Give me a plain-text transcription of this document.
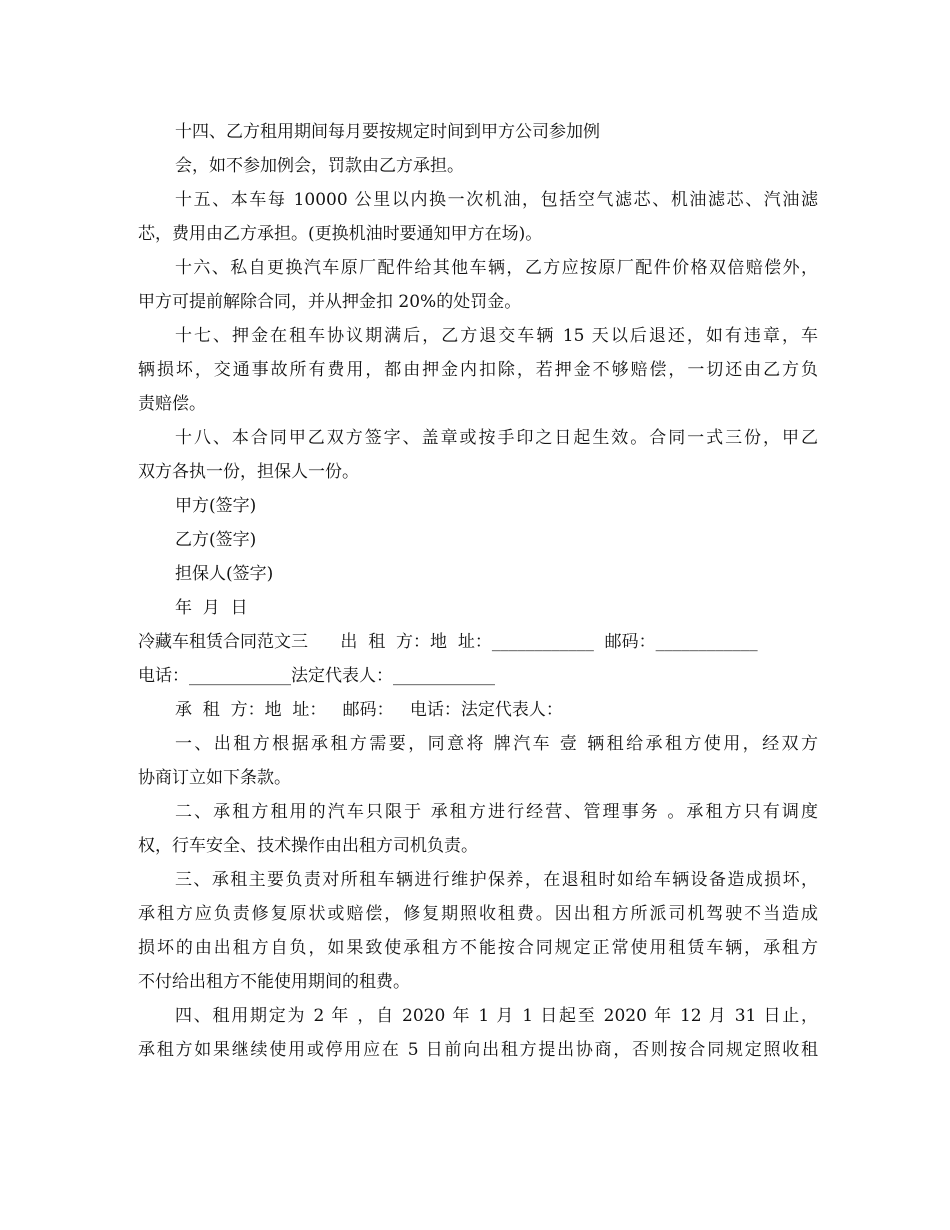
十四、乙方租用期间每月要按规定时间到甲方公司参加例
会，如不参加例会，罚款由乙方承担。
十五、本车每 10000 公里以内换一次机油，包括空气滤芯、机油滤芯、汽油滤
芯，费用由乙方承担。(更换机油时要通知甲方在场)。
十六、私自更换汽车原厂配件给其他车辆，乙方应按原厂配件价格双倍赔偿外，
甲方可提前解除合同，并从押金扣 20%的处罚金。
十七、押金在租车协议期满后，乙方退交车辆 15 天以后退还，如有违章，车
辆损坏，交通事故所有费用，都由押金内扣除，若押金不够赔偿，一切还由乙方负
责赔偿。
十八、本合同甲乙双方签字、盖章或按手印之日起生效。合同一式三份，甲乙
双方各执一份，担保人一份。
甲方(签字)
乙方(签字)
担保人(签字)
年  月  日
冷藏车租赁合同范文三      出  租  方：地  址：____________  邮码：____________
电话：____________法定代表人：____________
承  租  方：地  址：   邮码：   电话：法定代表人：
一、出租方根据承租方需要，同意将 牌汽车 壹 辆租给承租方使用，经双方
协商订立如下条款。
二、承租方租用的汽车只限于 承租方进行经营、管理事务 。承租方只有调度
权，行车安全、技术操作由出租方司机负责。
三、承租主要负责对所租车辆进行维护保养，在退租时如给车辆设备造成损坏，
承租方应负责修复原状或赔偿，修复期照收租费。因出租方所派司机驾驶不当造成
损坏的由出租方自负，如果致使承租方不能按合同规定正常使用租赁车辆，承租方
不付给出租方不能使用期间的租费。
四、租用期定为 2 年 ，自 2020 年 1 月 1 日起至 2020 年 12 月 31 日止，
承租方如果继续使用或停用应在 5 日前向出租方提出协商，否则按合同规定照收租
